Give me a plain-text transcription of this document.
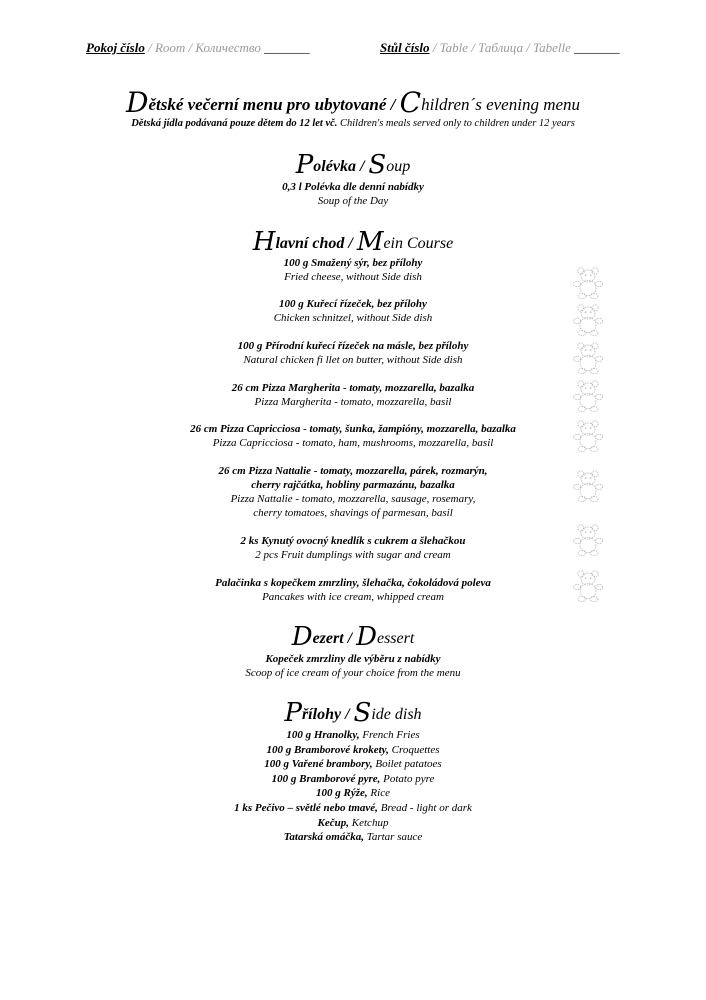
Pokoj číslo / Room / Количество _______	Stůl číslo / Table / Таблица / Tabelle _______
Dětské večerní menu pro ubytované / Children´s evening menu
Dětská jídla podávaná pouze dětem do 12 let vč. Children's meals served only to children under 12 years
Polévka / Soup
0,3 l Polévka dle denní nabídky
Soup of the Day
Hlavní chod / Mein Course
100 g Smažený sýr, bez přílohy
Fried cheese, without Side dish
100 g Kuřecí řízeček, bez přílohy
Chicken schnitzel, without Side dish
100 g Přírodní kuřecí řízeček na másle, bez přílohy
Natural chicken fi llet on butter, without Side dish
26 cm Pizza Margherita - tomaty, mozzarella, bazalka
Pizza Margherita - tomato, mozzarella, basil
26 cm Pizza Capricciosa - tomaty, šunka, žampióny, mozzarella, bazalka
Pizza Capricciosa - tomato, ham, mushrooms, mozzarella, basil
26 cm Pizza Nattalie - tomaty, mozzarella, párek, rozmarýn,
cherry rajčátka, hobliny parmazánu, bazalka
Pizza Nattalie - tomato, mozzarella, sausage, rosemary,
cherry tomatoes, shavings of parmesan, basil
2 ks Kynutý ovocný knedlík s cukrem a šlehačkou
2 pcs Fruit dumplings with sugar and cream
Palačinka s kopečkem zmrzliny, šlehačka, čokoládová poleva
Pancakes with ice cream, whipped cream
Dezert / Dessert
Kopeček zmrzliny dle výběru z nabídky
Scoop of ice cream of your choice from the menu
Přílohy / Side dish
100 g Hranolky, French Fries
100 g Bramborové krokety, Croquettes
100 g Vařené brambory, Boilet patatoes
100 g Bramborové pyre, Potato pyre
100 g Rýže, Rice
1 ks Pečivo – světlé nebo tmavé, Bread - light or dark
Kečup, Ketchup
Tatarská omáčka, Tartar sauce
